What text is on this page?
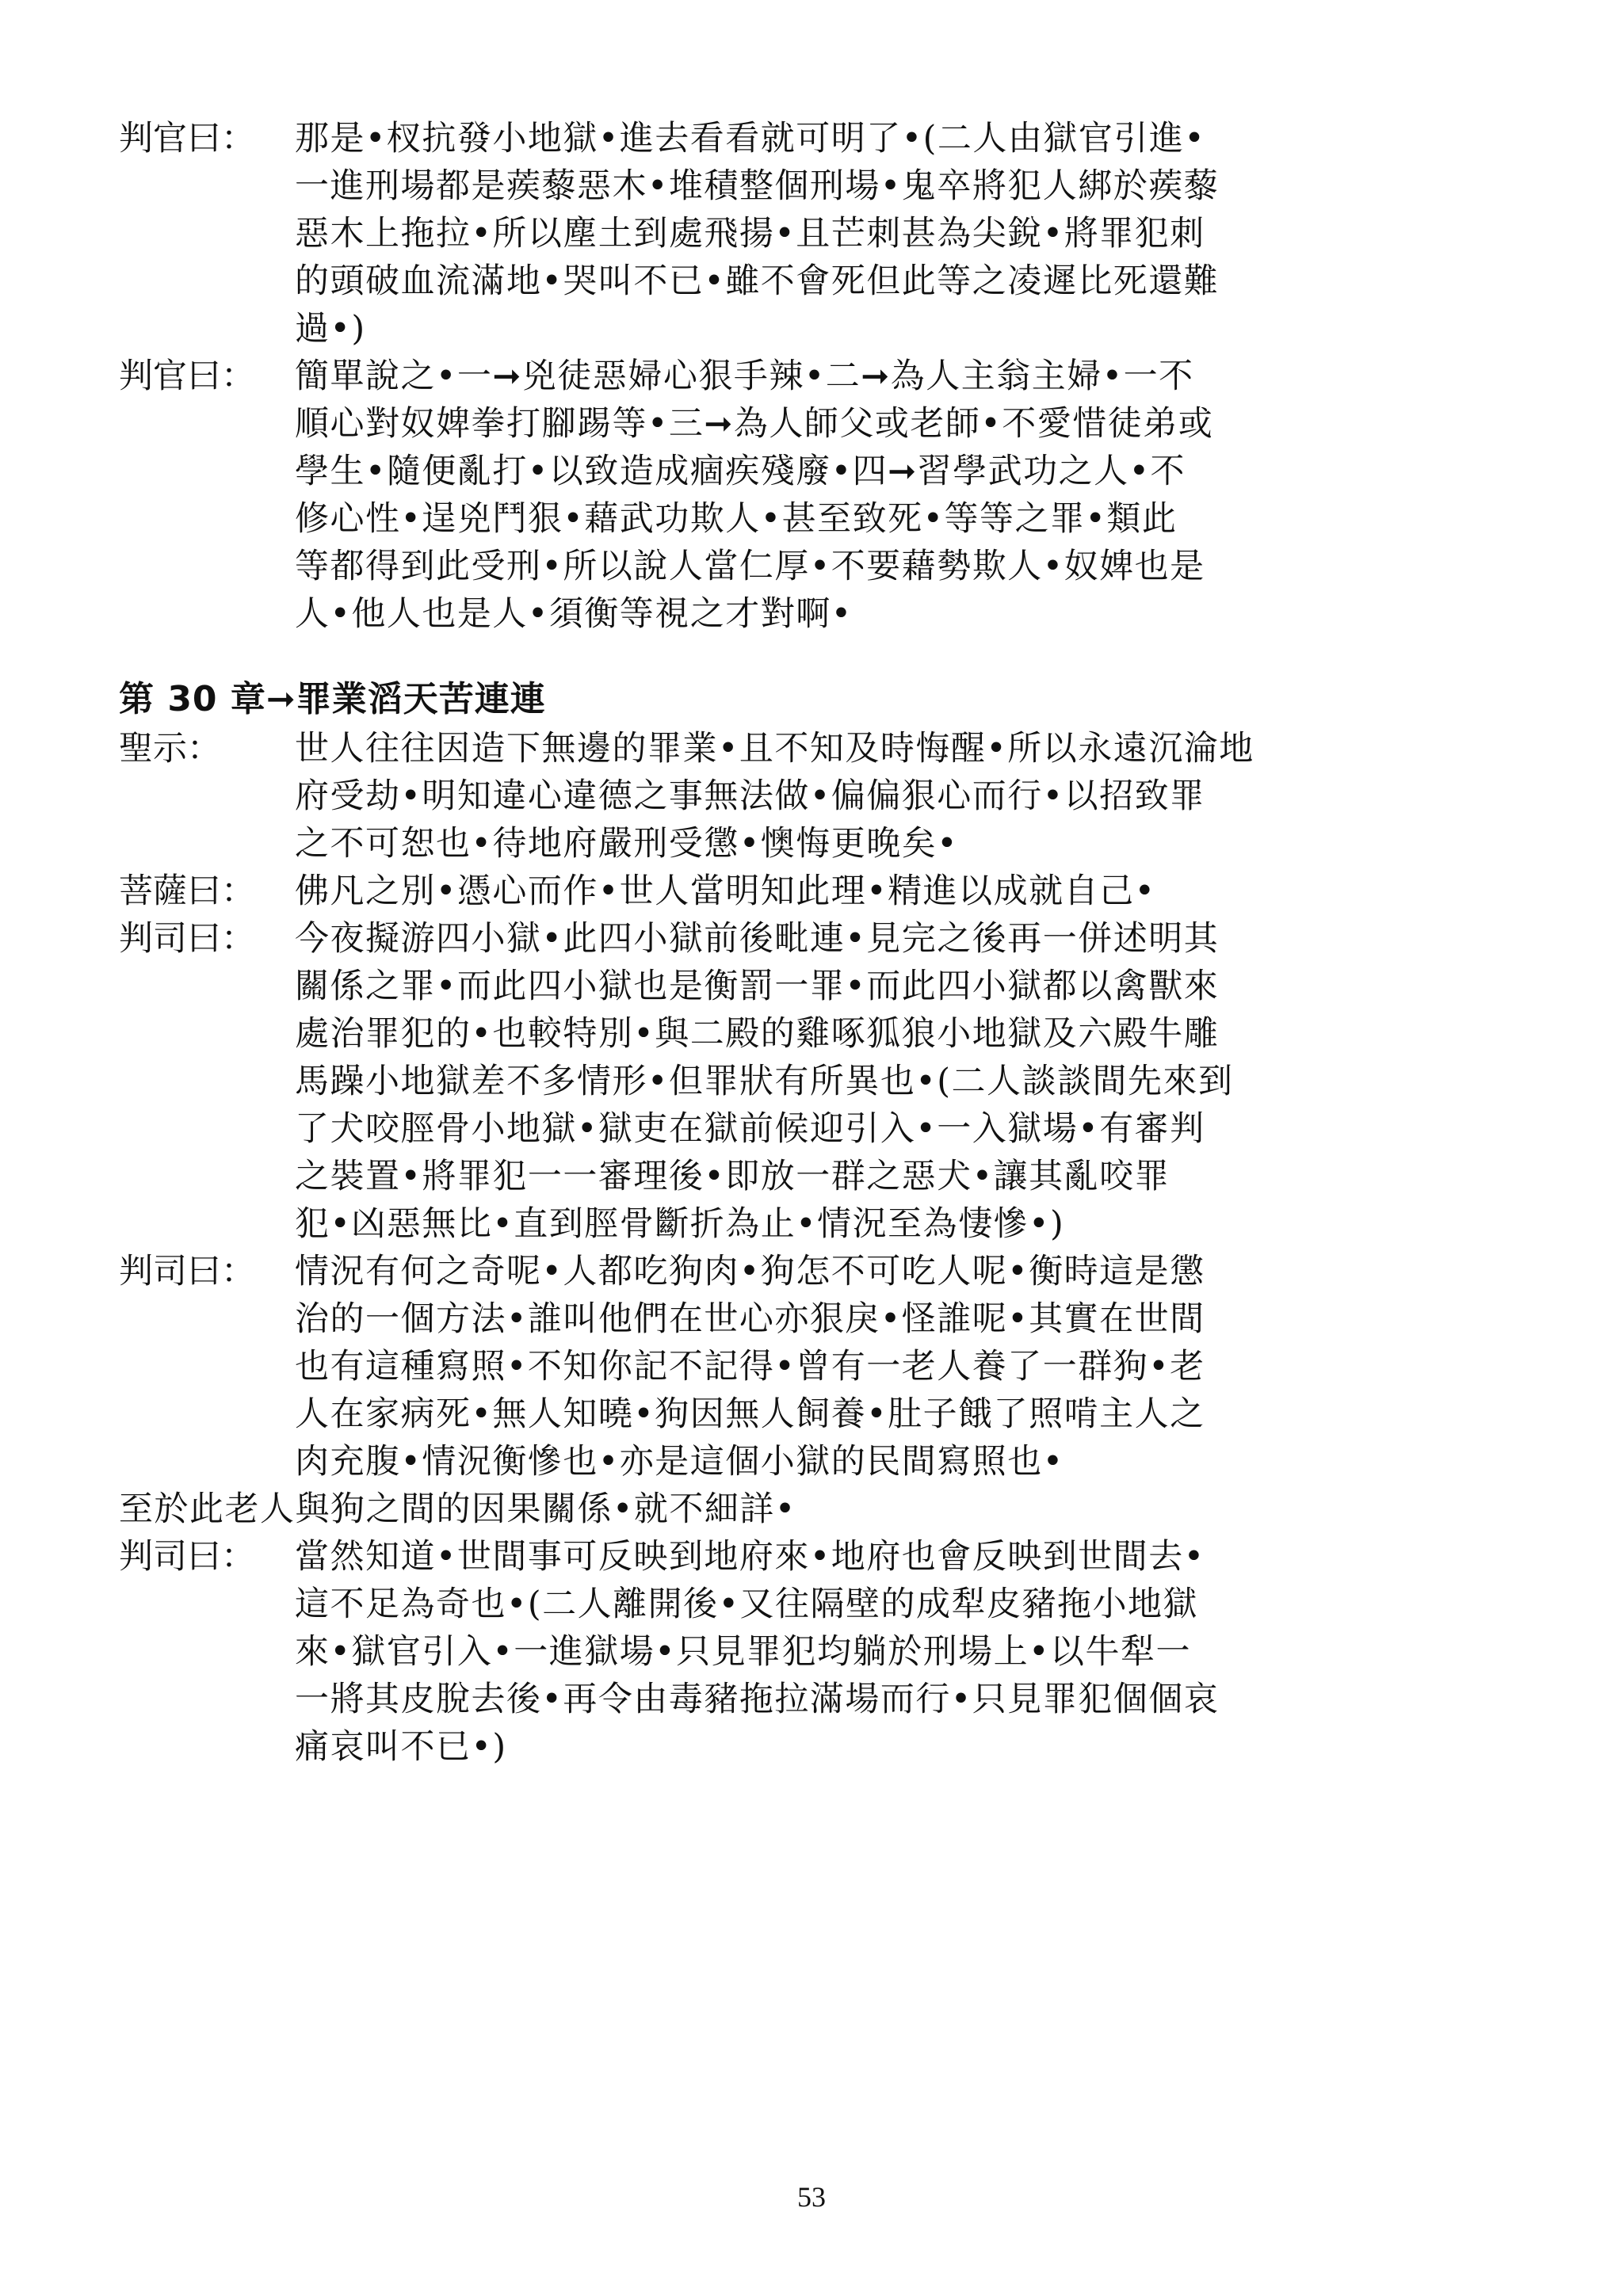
判官曰：	那是•杈抗發小地獄•進去看看就可明了•(二人由獄官引進•
一進刑場都是蒺藜惡木•堆積整個刑場•鬼卒將犯人綁於蒺藜
惡木上拖拉•所以塵土到處飛揚•且芒刺甚為尖銳•將罪犯刺
的頭破血流滿地•哭叫不已•雖不會死但此等之凌遲比死還難
過•)

判官曰：	簡單說之•一➞兇徒惡婦心狠手辣•二➞為人主翁主婦•一不
順心對奴婢拳打腳踢等•三➞為人師父或老師•不愛惜徒弟或
學生•隨便亂打•以致造成痼疾殘廢•四➞習學武功之人•不
修心性•逞兇鬥狠•藉武功欺人•甚至致死•等等之罪•類此
等都得到此受刑•所以說人當仁厚•不要藉勢欺人•奴婢也是
人•他人也是人•須衡等視之才對啊•

第 30 章➞罪業滔天苦連連
聖示：	世人往往因造下無邊的罪業•且不知及時悔醒•所以永遠沉淪地
府受劫•明知違心違德之事無法做•偏偏狠心而行•以招致罪
之不可恕也•待地府嚴刑受懲•懊悔更晚矣•

菩薩曰：	佛凡之別•憑心而作•世人當明知此理•精進以成就自己•

判司曰：	今夜擬游四小獄•此四小獄前後毗連•見完之後再一併述明其
關係之罪•而此四小獄也是衡罰一罪•而此四小獄都以禽獸來
處治罪犯的•也較特別•與二殿的雞啄狐狼小地獄及六殿牛雕
馬躁小地獄差不多情形•但罪狀有所異也•(二人談談間先來到
了犬咬脛骨小地獄•獄吏在獄前候迎引入•一入獄場•有審判
之裝置•將罪犯一一審理後•即放一群之惡犬•讓其亂咬罪
犯•凶惡無比•直到脛骨斷折為止•情況至為悽慘•)

判司曰：	情況有何之奇呢•人都吃狗肉•狗怎不可吃人呢•衡時這是懲
治的一個方法•誰叫他們在世心亦狠戾•怪誰呢•其實在世間
也有這種寫照•不知你記不記得•曾有一老人養了一群狗•老
人在家病死•無人知曉•狗因無人飼養•肚子餓了照啃主人之
肉充腹•情況衡慘也•亦是這個小獄的民間寫照也•

至於此老人與狗之間的因果關係•就不細詳•

判司曰：	當然知道•世間事可反映到地府來•地府也會反映到世間去•
這不足為奇也•(二人離開後•又往隔壁的成犁皮豬拖小地獄
來•獄官引入•一進獄場•只見罪犯均躺於刑場上•以牛犁一
一將其皮脫去後•再令由毒豬拖拉滿場而行•只見罪犯個個哀
痛哀叫不已•)

53
